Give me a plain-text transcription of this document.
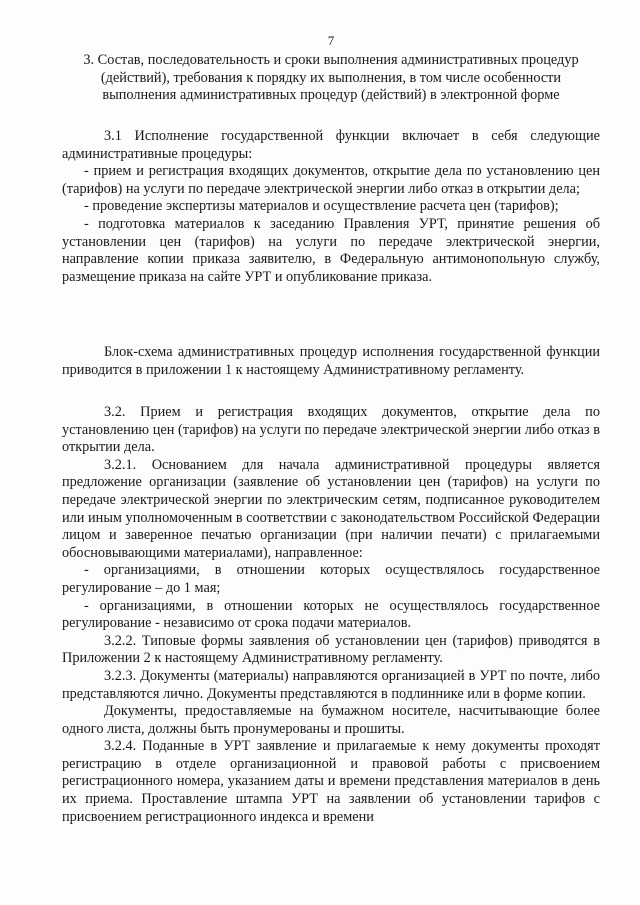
7
3. Состав, последовательность и сроки выполнения административных процедур
(действий), требования к порядку их выполнения, в том числе особенности
выполнения административных процедур (действий) в электронной форме

3.1 Исполнение государственной функции включает в себя следующие административные процедуры:

- прием и регистрация входящих документов, открытие дела по установлению цен (тарифов) на услуги по передаче электрической энергии либо отказ в открытии дела;

- проведение экспертизы материалов и осуществление расчета цен (тарифов);

- подготовка материалов к заседанию Правления УРТ, принятие решения об установлении цен (тарифов) на услуги по передаче электрической энергии, направление копии приказа заявителю, в Федеральную антимонопольную службу, размещение приказа на сайте УРТ и опубликование приказа.

Блок-схема административных процедур исполнения государственной функции приводится в приложении 1 к настоящему Административному регламенту.

3.2. Прием и регистрация входящих документов, открытие дела по установлению цен (тарифов) на услуги по передаче электрической энергии либо отказ в открытии дела.

3.2.1. Основанием для начала административной процедуры является предложение организации (заявление об установлении цен (тарифов) на услуги по передаче электрической энергии по электрическим сетям, подписанное руководителем или иным уполномоченным в соответствии с законодательством Российской Федерации лицом и заверенное печатью организации (при наличии печати) с прилагаемыми обосновывающими материалами), направленное:

- организациями, в отношении которых осуществлялось государственное регулирование – до 1 мая;

- организациями, в отношении которых не осуществлялось государственное регулирование - независимо от срока подачи материалов.

3.2.2. Типовые формы заявления об установлении цен (тарифов) приводятся в Приложении 2 к настоящему Административному регламенту.

3.2.3. Документы (материалы) направляются организацией в УРТ по почте, либо представляются лично. Документы представляются в подлиннике или в форме копии.

Документы, предоставляемые на бумажном носителе, насчитывающие более одного листа, должны быть пронумерованы и прошиты.

3.2.4. Поданные в УРТ заявление и прилагаемые к нему документы проходят регистрацию в отделе организационной и правовой работы с присвоением регистрационного номера, указанием даты и времени представления материалов в день их приема. Проставление штампа УРТ на заявлении об установлении тарифов с присвоением регистрационного индекса и времени
